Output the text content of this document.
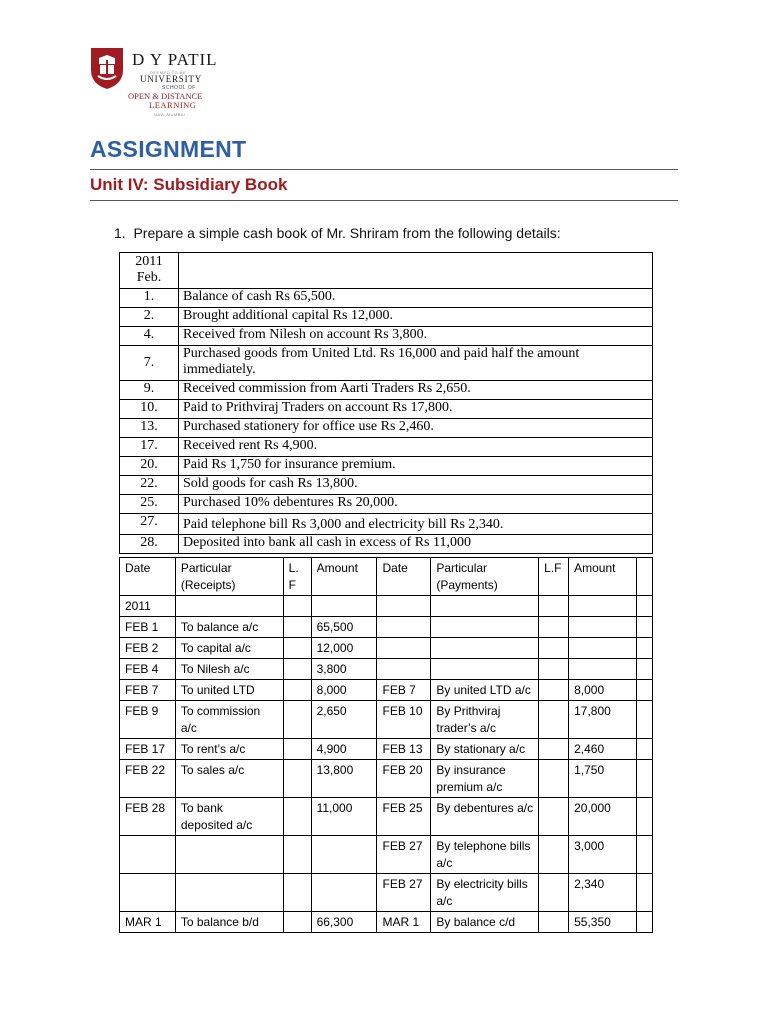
D Y PATIL
DEEMED TO BE
UNIVERSITY
SCHOOL OF
OPEN & DISTANCE
LEARNING
NAVI MUMBAI
ASSIGNMENT
Unit IV: Subsidiary Book
1.  Prepare a simple cash book of Mr. Shriram from the following details:
2011
Feb.	

1.	Balance of cash Rs 65,500.
2.	Brought additional capital Rs 12,000.
4.	Received from Nilesh on account Rs 3,800.
7.	Purchased goods from United Ltd. Rs 16,000 and paid half the amount immediately.
9.	Received commission from Aarti Traders Rs 2,650.
10.	Paid to Prithviraj Traders on account Rs 17,800.
13.	Purchased stationery for office use Rs 2,460.
17.	Received rent Rs 4,900.
20.	Paid Rs 1,750 for insurance premium.
22.	Sold goods for cash Rs 13,800.
25.	Purchased 10% debentures Rs 20,000.
27.	Paid telephone bill Rs 3,000 and electricity bill Rs 2,340.
28.	Deposited into bank all cash in excess of Rs 11,000
Date	Particular (Receipts)	L. F	Amount	Date	Particular (Payments)	L.F	Amount	
2011								
FEB 1	To balance a/c		65,500					
FEB 2	To capital a/c		12,000					
FEB 4	To Nilesh a/c		3,800					
FEB 7	To united LTD		8,000	FEB 7	By united LTD a/c		8,000	
FEB 9	To commission a/c		2,650	FEB 10	By Prithviraj trader’s a/c		17,800	
FEB 17	To rent’s a/c		4,900	FEB 13	By stationary a/c		2,460	
FEB 22	To sales a/c		13,800	FEB 20	By insurance premium a/c		1,750	
FEB 28	To bank deposited a/c		11,000	FEB 25	By debentures a/c		20,000	
				FEB 27	By telephone bills a/c		3,000	
				FEB 27	By electricity bills a/c		2,340	
MAR 1	To balance b/d		66,300	MAR 1	By balance c/d		55,350	
